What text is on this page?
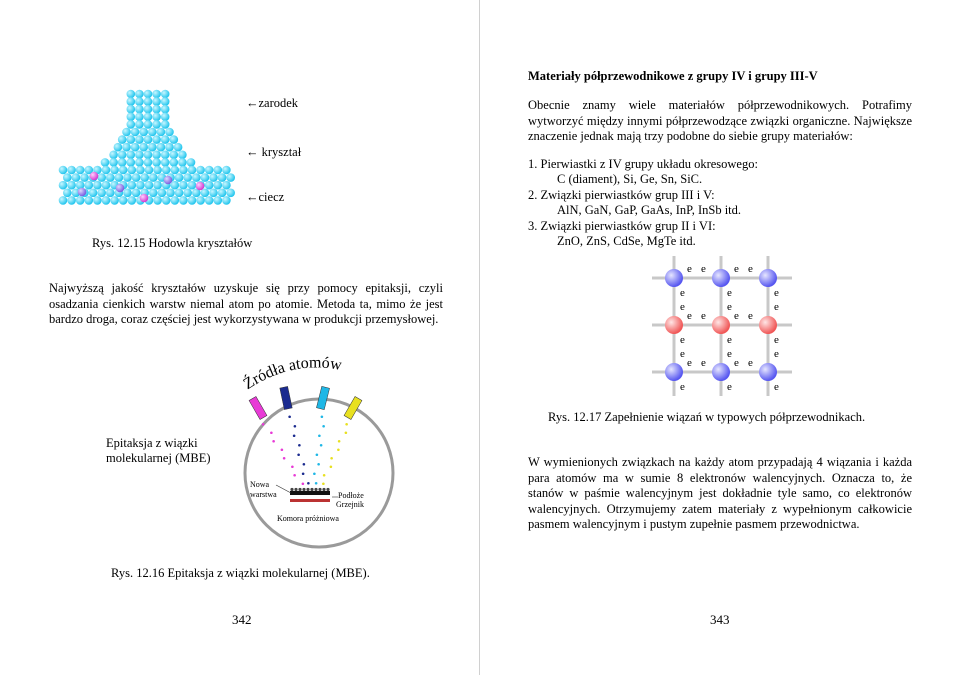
←zarodek
← kryształ
←ciecz
Rys. 12.15 Hodowla kryształów
Najwyższą jakość kryształów uzyskuje się przy pomocy epitaksji, czyli osadzania cienkich warstw niemal atom po atomie. Metoda ta, mimo że jest bardzo droga, coraz częściej jest wykorzystywana w produkcji przemysłowej.
Źródła atomów
Nowa
warstwa	Podłoże
Grzejnik
Komora próżniowa
Epitaksja z wiązki molekularnej (MBE)
Rys. 12.16 Epitaksja z wiązki molekularnej (MBE).
342
Materiały półprzewodnikowe z grupy IV i grupy III-V
Obecnie znamy wiele materiałów półprzewodnikowych. Potrafimy wytworzyć między innymi półprzewodzące związki organiczne. Największe znaczenie jednak mają trzy podobne do siebie grupy materiałów:
1. Pierwiastki z IV grupy układu okresowego:
C (diament), Si, Ge, Sn, SiC.
2. Związki pierwiastków grup III i V:
AlN, GaN, GaP, GaAs, InP, InSb itd.
3. Związki pierwiastków grup II i VI:
ZnO, ZnS, CdSe, MgTe itd.
e e	e e
e e	e e
e e	e e
e
e
e
e
e
e
e
e
e
e
e
e
e
e
e
Rys. 12.17 Zapełnienie wiązań w typowych półprzewodnikach.
W wymienionych związkach na każdy atom przypadają 4 wiązania i każda para atomów ma w sumie 8 elektronów walencyjnych. Oznacza to, że stanów w paśmie walencyjnym jest dokładnie tyle samo, co elektronów walencyjnych. Otrzymujemy zatem materiały z wypełnionym całkowicie pasmem walencyjnym i pustym zupełnie pasmem przewodnictwa.
343
